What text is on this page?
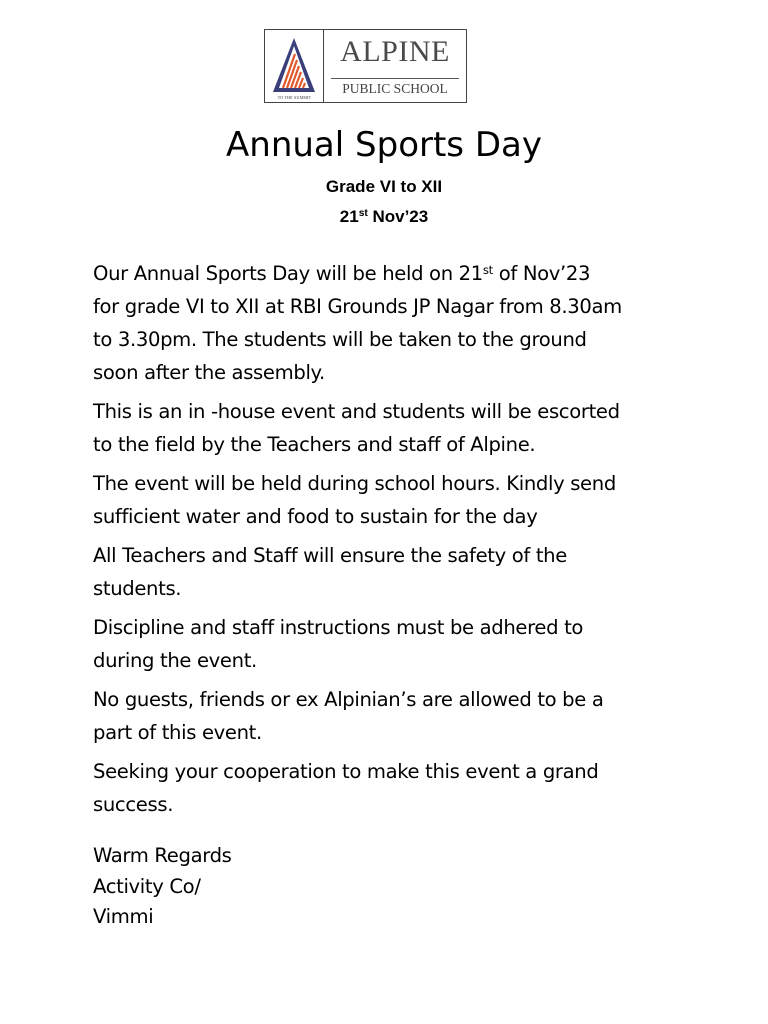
TO THE SUMMIT
ALPINE
PUBLIC SCHOOL
Annual Sports Day
Grade VI to XII
21st Nov’23

Our Annual Sports Day will be held on 21st of Nov’23
for grade VI to XII at RBI Grounds JP Nagar from 8.30am
to 3.30pm. The students will be taken to the ground
soon after the assembly.

This is an in -house event and students will be escorted
to the field by the Teachers and staff of Alpine.

The event will be held during school hours. Kindly send
sufficient water and food to sustain for the day

All Teachers and Staff will ensure the safety of the
students.

Discipline and staff instructions must be adhered to
during the event.

No guests, friends or ex Alpinian’s are allowed to be a
part of this event.

Seeking your cooperation to make this event a grand
success.

Warm Regards
Activity Co/
Vimmi
